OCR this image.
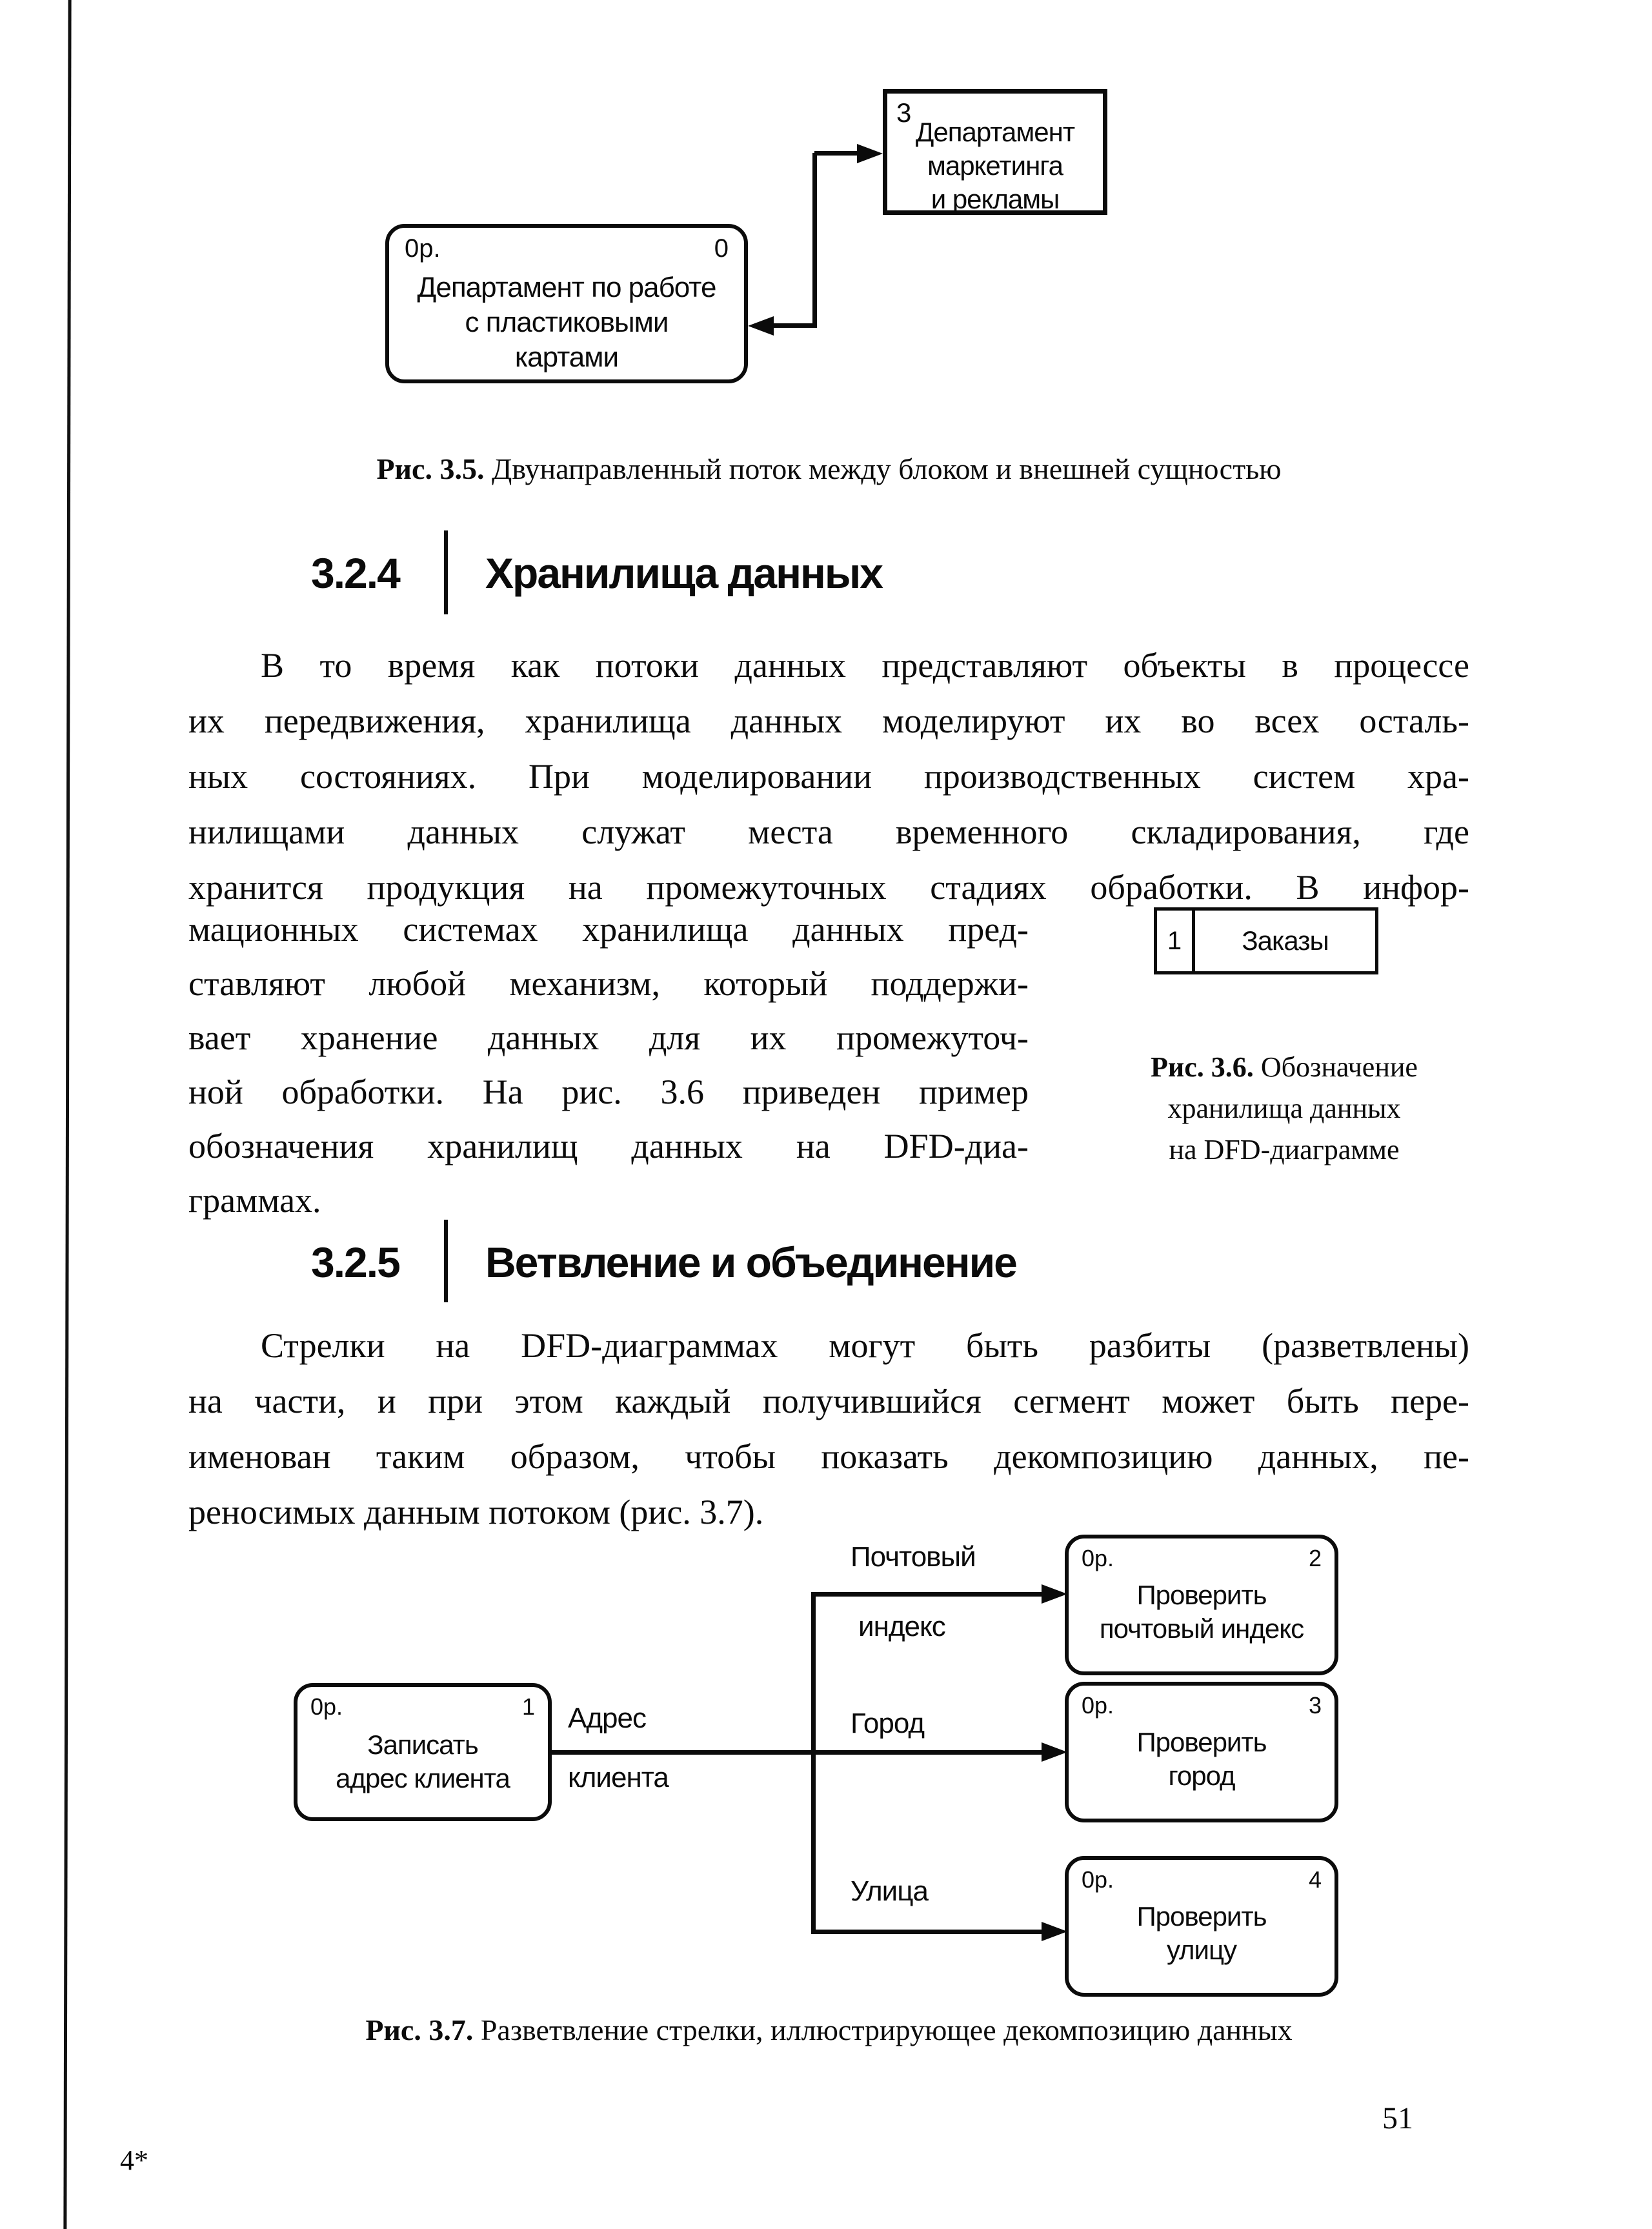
3
Департамент
маркетинга
и рекламы
0р.	0
Департамент по работе
с пластиковыми
картами
Рис. 3.5. Двунаправленный поток между блоком и внешней сущностью
3.2.4 Хранилища данных
В то время как потоки данных представляют объекты в процессе
их передвижения, хранилища данных моделируют их во всех осталь-
ных состояниях. При моделировании производственных систем хра-
нилищами данных служат места временного складирования, где
хранится продукция на промежуточных стадиях обработки. В инфор-
мационных системах хранилища данных пред-
ставляют любой механизм, который поддержи-
вает хранение данных для их промежуточ-
ной обработки. На рис. 3.6 приведен пример
обозначения хранилищ данных на DFD-диа-
граммах.
1	Заказы
Рис. 3.6. Обозначение
хранилища данных
на DFD-диаграмме
3.2.5 Ветвление и объединение
Стрелки на DFD-диаграммах могут быть разбиты (разветвлены)
на части, и при этом каждый получившийся сегмент может быть пере-
именован таким образом, чтобы показать декомпозицию данных, пе-
реносимых данным потоком (рис. 3.7).
0р.	1
Записать
адрес клиента
0р.	2
Проверить
почтовый индекс
0р.	3
Проверить
город
0р.	4
Проверить
улицу
Адрес
клиента
Почтовый
индекс
Город
Улица
Рис. 3.7. Разветвление стрелки, иллюстрирующее декомпозицию данных
51
4*
